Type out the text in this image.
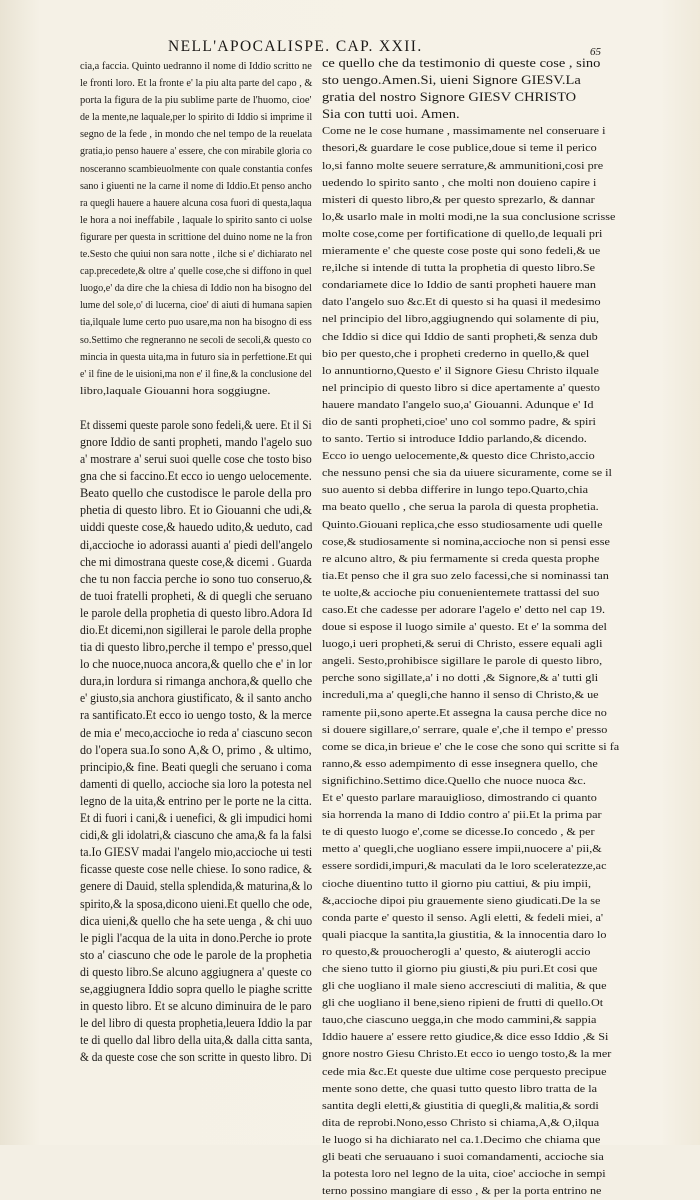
NELL'APOCALISPE. CAP. XXII.	65
cia,a faccia. Quinto uedranno il nome di Iddio scritto ne
le fronti loro. Et la fronte e' la piu alta parte del capo , &
porta la figura de la piu sublime parte de l'huomo, cioe'
de la mente,ne laquale,per lo spirito di Iddio si imprime il
segno de la fede , in mondo che nel tempo de la reuelata
gratia,io penso hauere a' essere, che con mirabile gloria co
nosceranno scambieuolmente con quale constantia confes
sano i giuenti ne la carne il nome di Iddio.Et penso ancho
ra quegli hauere a hauere alcuna cosa fuori di questa,laqua
le hora a noi ineffabile , laquale lo spirito santo ci uolse
figurare per questa in scrittione del duino nome ne la fron
te.Sesto che quiui non sara notte , ilche si e' dichiarato nel
cap.precedete,& oltre a' quelle cose,che si diffono in quel
luogo,e' da dire che la chiesa di Iddio non ha bisogno del
lume del sole,o' di lucerna, cioe' di aiuti di humana sapien
tia,ilquale lume certo puo usare,ma non ha bisogno di ess
so.Settimo che regneranno ne secoli de secoli,& questo co
mincia in questa uita,ma in futuro sia in perfettione.Et qui
e' il fine de le uisioni,ma non e' il fine,& la conclusione del
libro,laquale Giouanni hora soggiugne.
Et dissemi queste parole sono fedeli,& uere. Et il Si
gnore Iddio de santi propheti, mando l'agelo suo
a' mostrare a' serui suoi quelle cose che tosto biso
gna che si faccino.Et ecco io uengo uelocemente.
Beato quello che custodisce le parole della pro
phetia di questo libro. Et io Giouanni che udi,&
uiddi queste cose,& hauedo udito,& ueduto, cad
di,accioche io adorassi auanti a' piedi dell'angelo
che mi dimostrana queste cose,& dicemi . Guarda
che tu non faccia perche io sono tuo conseruo,&
de tuoi fratelli propheti, & di quegli che seruano
le parole della prophetia di questo libro.Adora Id
dio.Et dicemi,non sigillerai le parole della prophe
tia di questo libro,perche il tempo e' presso,quel
lo che nuoce,nuoca ancora,& quello che e' in lor
dura,in lordura si rimanga anchora,& quello che
e' giusto,sia anchora giustificato, & il santo ancho
ra santificato.Et ecco io uengo tosto, & la merce
de mia e' meco,accioche io reda a' ciascuno secon
do l'opera sua.Io sono A,& O, primo , & ultimo,
principio,& fine. Beati quegli che seruano i coma
damenti di quello, accioche sia loro la potesta nel
legno de la uita,& entrino per le porte ne la citta.
Et di fuori i cani,& i uenefici, & gli impudici homi
cidi,& gli idolatri,& ciascuno che ama,& fa la falsi
ta.Io GIESV madai l'angelo mio,accioche ui testi
ficasse queste cose nelle chiese. Io sono radice, &
genere di Dauid, stella splendida,& maturina,& lo
spirito,& la sposa,dicono uieni.Et quello che ode,
dica uieni,& quello che ha sete uenga , & chi uuo
le pigli l'acqua de la uita in dono.Perche io prote
sto a' ciascuno che ode le parole de la prophetia
di questo libro.Se alcuno aggiugnera a' queste co
se,aggiugnera Iddio sopra quello le piaghe scritte
in questo libro. Et se alcuno diminuira de le paro
le del libro di questa prophetia,leuera Iddio la par
te di quello dal libro della uita,& dalla citta santa,
& da queste cose che son scritte in questo libro. Di
ce quello che da testimonio di queste cose , sino
sto uengo.Amen.Si, uieni Signore GIESV.La
gratia del nostro Signore GIESV CHRISTO
Sia con tutti uoi. Amen.
Come ne le cose humane , massimamente nel conseruare i
thesori,& guardare le cose publice,doue si teme il perico
lo,si fanno molte seuere serrature,& ammunitioni,cosi pre
uedendo lo spirito santo , che molti non douieno capire i
misteri di questo libro,& per questo sprezarlo, & dannar
lo,& usarlo male in molti modi,ne la sua conclusione scrisse
molte cose,come per fortificatione di quello,de lequali pri
mieramente e' che queste cose poste qui sono fedeli,& ue
re,ilche si intende di tutta la prophetia di questo libro.Se
condariamete dice lo Iddio de santi propheti hauere man
dato l'angelo suo &c.Et di questo si ha quasi il medesimo
nel principio del libro,aggiugnendo qui solamente di piu,
che Iddio si dice qui Iddio de santi propheti,& senza dub
bio per questo,che i propheti crederno in quello,& quel
lo annuntiorno,Questo e' il Signore Giesu Christo ilquale
nel principio di questo libro si dice apertamente a' questo
hauere mandato l'angelo suo,a' Giouanni. Adunque e' Id
dio de santi propheti,cioe' uno col sommo padre, & spiri
to santo. Tertio si introduce Iddio parlando,& dicendo.
Ecco io uengo uelocemente,& questo dice Christo,accio
che nessuno pensi che sia da uiuere sicuramente, come se il
suo auento si debba differire in lungo tepo.Quarto,chia
ma beato quello , che serua la parola di questa prophetia.
Quinto.Giouani replica,che esso studiosamente udi quelle
cose,& studiosamente si nomina,accioche non si pensi esse
re alcuno altro, & piu fermamente si creda questa prophe
tia.Et penso che il gra suo zelo facessi,che si nominassi tan
te uolte,& accioche piu conuenientemete trattassi del suo
caso.Et che cadesse per adorare l'agelo e' detto nel cap 19.
doue si espose il luogo simile a' questo. Et e' la somma del
luogo,i ueri propheti,& serui di Christo, essere equali agli
angeli. Sesto,prohibisce sigillare le parole di questo libro,
perche sono sigillate,a' i no dotti ,& Signore,& a' tutti gli
increduli,ma a' quegli,che hanno il senso di Christo,& ue
ramente pii,sono aperte.Et assegna la causa perche dice no
si douere sigillare,o' serrare, quale e',che il tempo e' presso
come se dica,in brieue e' che le cose che sono qui scritte si fa
ranno,& esso adempimento di esse insegnera quello, che
significhino.Settimo dice.Quello che nuoce nuoca &c.
Et e' questo parlare marauiglioso, dimostrando ci quanto
sia horrenda la mano di Iddio contro a' pii.Et la prima par
te di questo luogo e',come se dicesse.Io concedo , & per
metto a' quegli,che uogliano essere impii,nuocere a' pii,&
essere sordidi,impuri,& maculati da le loro sceleratezze,ac
cioche diuentino tutto il giorno piu cattiui, & piu impii,
&,accioche dipoi piu grauemente sieno giudicati.De la se
conda parte e' questo il senso. Agli eletti, & fedeli miei, a'
quali piacque la santita,la giustitia, & la innocentia daro lo
ro questo,& prouocherogli a' questo, & aiuterogli accio
che sieno tutto il giorno piu giusti,& piu puri.Et cosi que
gli che uogliano il male sieno accresciuti di malitia, & que
gli che uogliano il bene,sieno ripieni de frutti di quello.Ot
tauo,che ciascuno uegga,in che modo cammini,& sappia
Iddio hauere a' essere retto giudice,& dice esso Iddio ,& Si
gnore nostro Giesu Christo.Et ecco io uengo tosto,& la mer
cede mia &c.Et queste due ultime cose perquesto precipue
mente sono dette, che quasi tutto questo libro tratta de la
santita degli eletti,& giustitia di quegli,& malitia,& sordi
dita de reprobi.Nono,esso Christo si chiama,A,& O,ilqua
le luogo si ha dichiarato nel ca.1.Decimo che chiama que
gli beati che seruauano i suoi comandamenti, accioche sia
la potesta loro nel legno de la uita, cioe' accioche in sempi
terno possino mangiare di esso , & per la porta entrino ne
